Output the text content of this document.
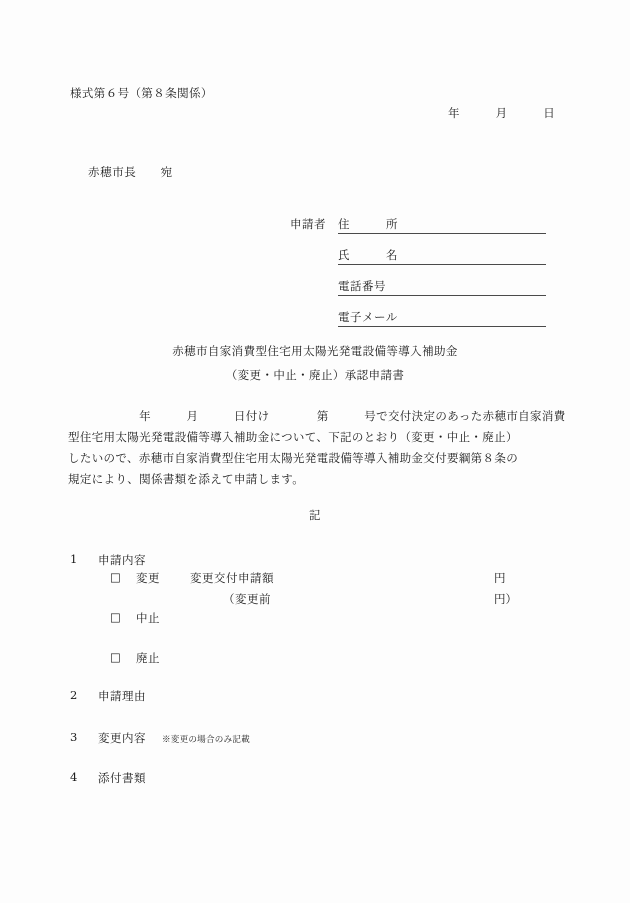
様式第６号（第８条関係）
年　　　月　　　日
赤穂市長　　宛
申請者 住　　　所
氏　　　名
電話番号
電子メール
赤穂市自家消費型住宅用太陽光発電設備等導入補助金
（変更・中止・廃止）承認申請書
　　　　　　年　　　月　　　日付け　　　　第　　　号で交付決定のあった赤穂市自家消費
型住宅用太陽光発電設備等導入補助金について、下記のとおり（変更・中止・廃止）
したいので、赤穂市自家消費型住宅用太陽光発電設備等導入補助金交付要綱第８条の
規定により、関係書類を添えて申請します。
記
1 申請内容
□ 変更	変更交付申請額	円
（変更前	円）
□ 中止
□ 廃止
2 申請理由
3 変更内容 ※変更の場合のみ記載
4 添付書類
